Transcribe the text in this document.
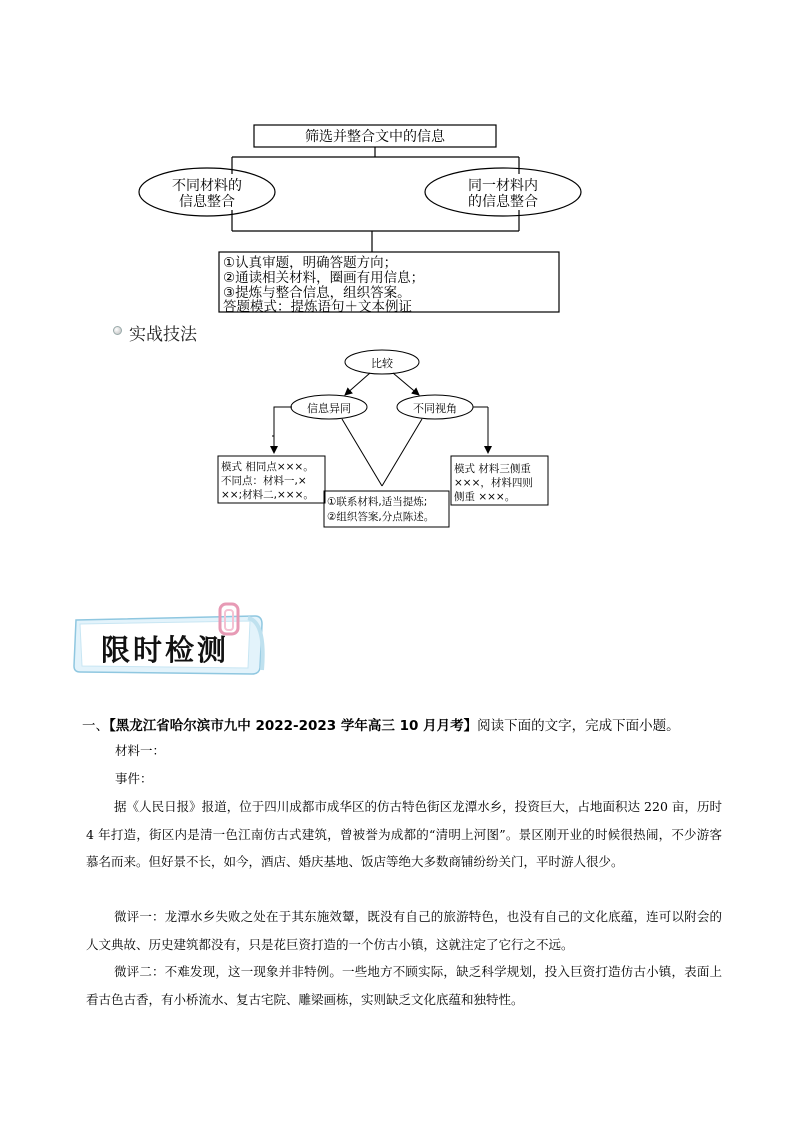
筛选并整合文中的信息
不同材料的
信息整合
同一材料内
的信息整合
①认真审题，明确答题方向；
②通读相关材料，圈画有用信息；
③提炼与整合信息，组织答案。
答题模式：提炼语句＋文本例证
实战技法
比较
信息异同	不同视角
模式 相同点×××。
不同点：材料一,×
××;材料二,×××。
①联系材料,适当提炼;
②组织答案,分点陈述。
模式 材料三侧重
×××，材料四则
侧重 ×××。
限时检测
一、【黑龙江省哈尔滨市九中 2022-2023 学年高三 10 月月考】阅读下面的文字，完成下面小题。
材料一：
事件：
据《人民日报》报道，位于四川成都市成华区的仿古特色街区龙潭水乡，投资巨大，占地面积达 220 亩，历时 4 年打造，街区内是清一色江南仿古式建筑，曾被誉为成都的“清明上河图”。景区刚开业的时候很热闹，不少游客慕名而来。但好景不长，如今，酒店、婚庆基地、饭店等绝大多数商铺纷纷关门，平时游人很少。
微评一：龙潭水乡失败之处在于其东施效颦，既没有自己的旅游特色，也没有自己的文化底蕴，连可以附会的人文典故、历史建筑都没有，只是花巨资打造的一个仿古小镇，这就注定了它行之不远。
微评二：不难发现，这一现象并非特例。一些地方不顾实际，缺乏科学规划，投入巨资打造仿古小镇，表面上看古色古香，有小桥流水、复古宅院、雕梁画栋，实则缺乏文化底蕴和独特性。
